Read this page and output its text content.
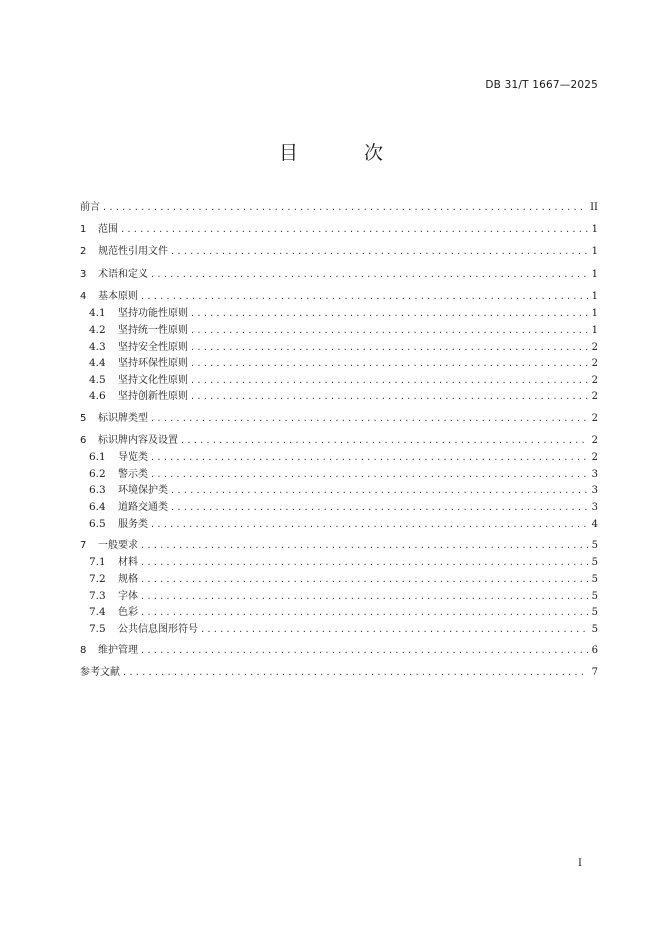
DB 31/T 1667—2025
目 次
前言 . . .	II
1	范围 . . .	1
2	规范性引用文件 . . .	1
3	术语和定义 . . .	1
4	基本原则 . . .	1
4.1	坚持功能性原则 . . .	1
4.2	坚持统一性原则 . . .	1
4.3	坚持安全性原则 . . .	2
4.4	坚持环保性原则 . . .	2
4.5	坚持文化性原则 . . .	2
4.6	坚持创新性原则 . . .	2
5	标识牌类型 . . .	2
6	标识牌内容及设置 . . .	2
6.1	导览类 . . .	2
6.2	警示类 . . .	3
6.3	环境保护类 . . .	3
6.4	道路交通类 . . .	3
6.5	服务类 . . .	4
7	一般要求 . . .	5
7.1	材料 . . .	5
7.2	规格 . . .	5
7.3	字体 . . .	5
7.4	色彩 . . .	5
7.5	公共信息图形符号 . . .	5
8	维护管理 . . .	6
参考文献 . . .	7
I
